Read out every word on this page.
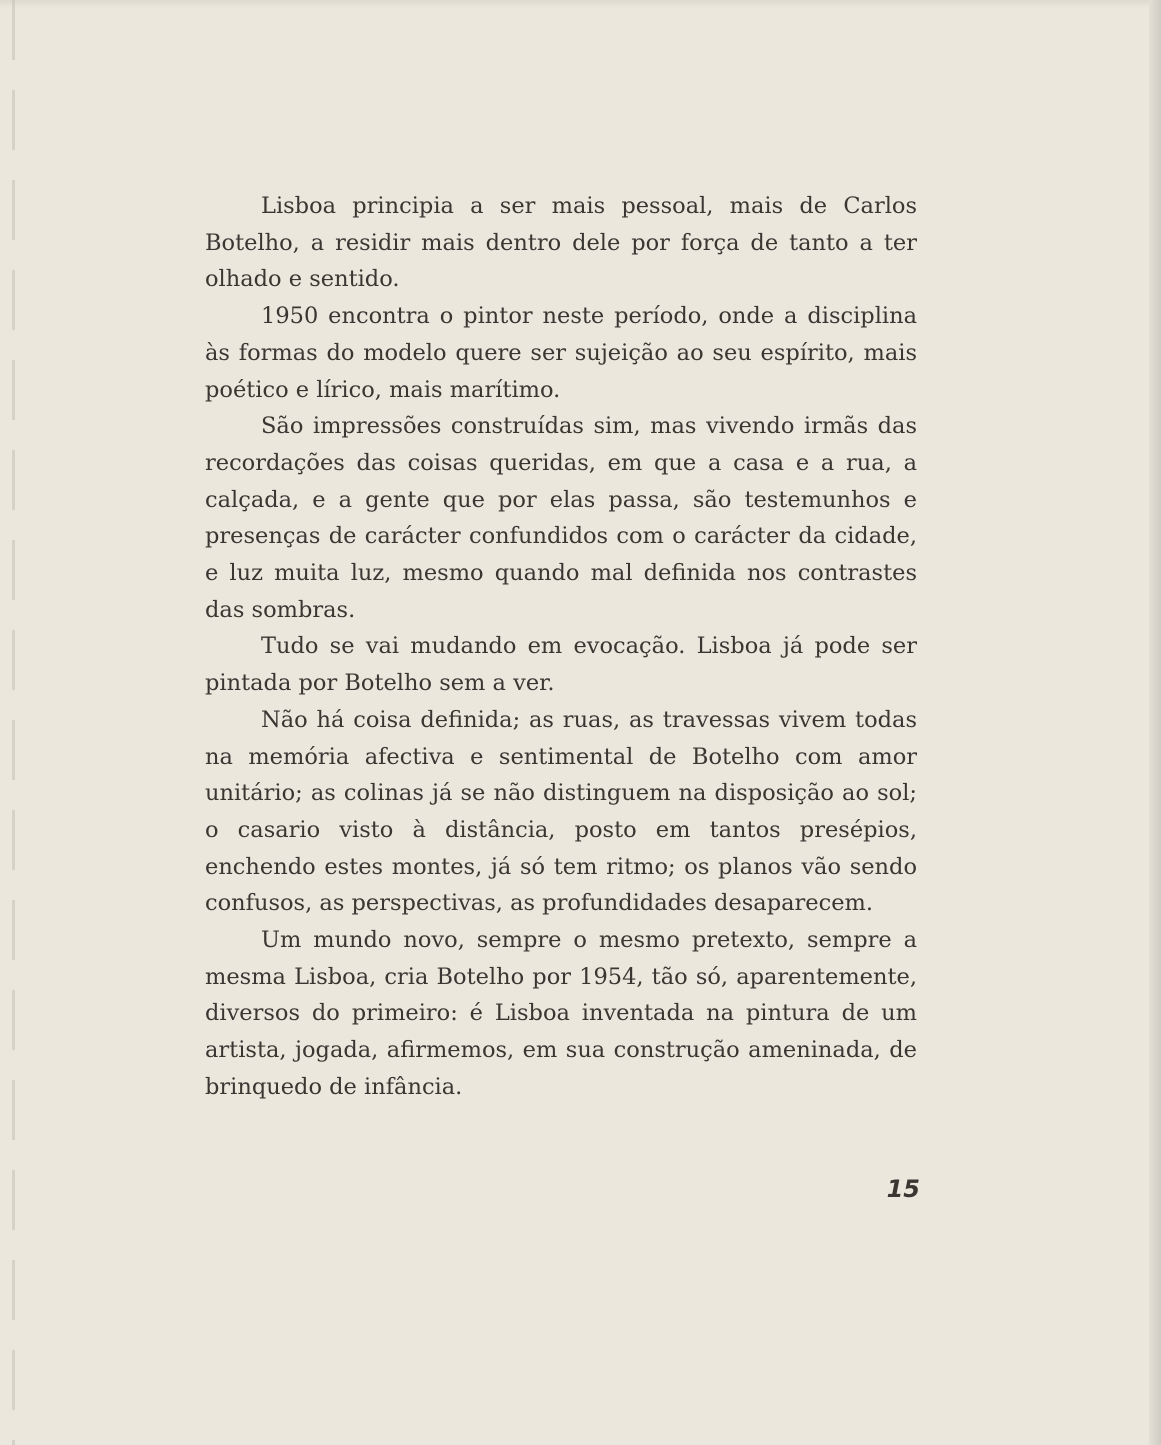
Lisboa principia a ser mais pessoal, mais de Carlos Botelho, a residir mais dentro dele por força de tanto a ter olhado e sentido.

1950 encontra o pintor neste período, onde a disciplina às formas do modelo quere ser sujeição ao seu espírito, mais poético e lírico, mais marítimo.

São impressões construídas sim, mas vivendo irmãs das recordações das coisas queridas, em que a casa e a rua, a calçada, e a gente que por elas passa, são testemunhos e presenças de carácter confundidos com o carácter da cidade, e luz muita luz, mesmo quando mal definida nos contrastes das sombras.

Tudo se vai mudando em evocação. Lisboa já pode ser pintada por Botelho sem a ver.

Não há coisa definida; as ruas, as travessas vivem todas na memória afectiva e sentimental de Botelho com amor unitário; as colinas já se não distinguem na disposição ao sol; o casario visto à distância, posto em tantos presépios, enchendo estes montes, já só tem ritmo; os planos vão sendo confusos, as perspectivas, as profundidades desaparecem.

Um mundo novo, sempre o mesmo pretexto, sempre a mesma Lisboa, cria Botelho por 1954, tão só, aparentemente, diversos do primeiro: é Lisboa inventada na pintura de um artista, jogada, afirmemos, em sua construção ameninada, de brinquedo de infância.

15
